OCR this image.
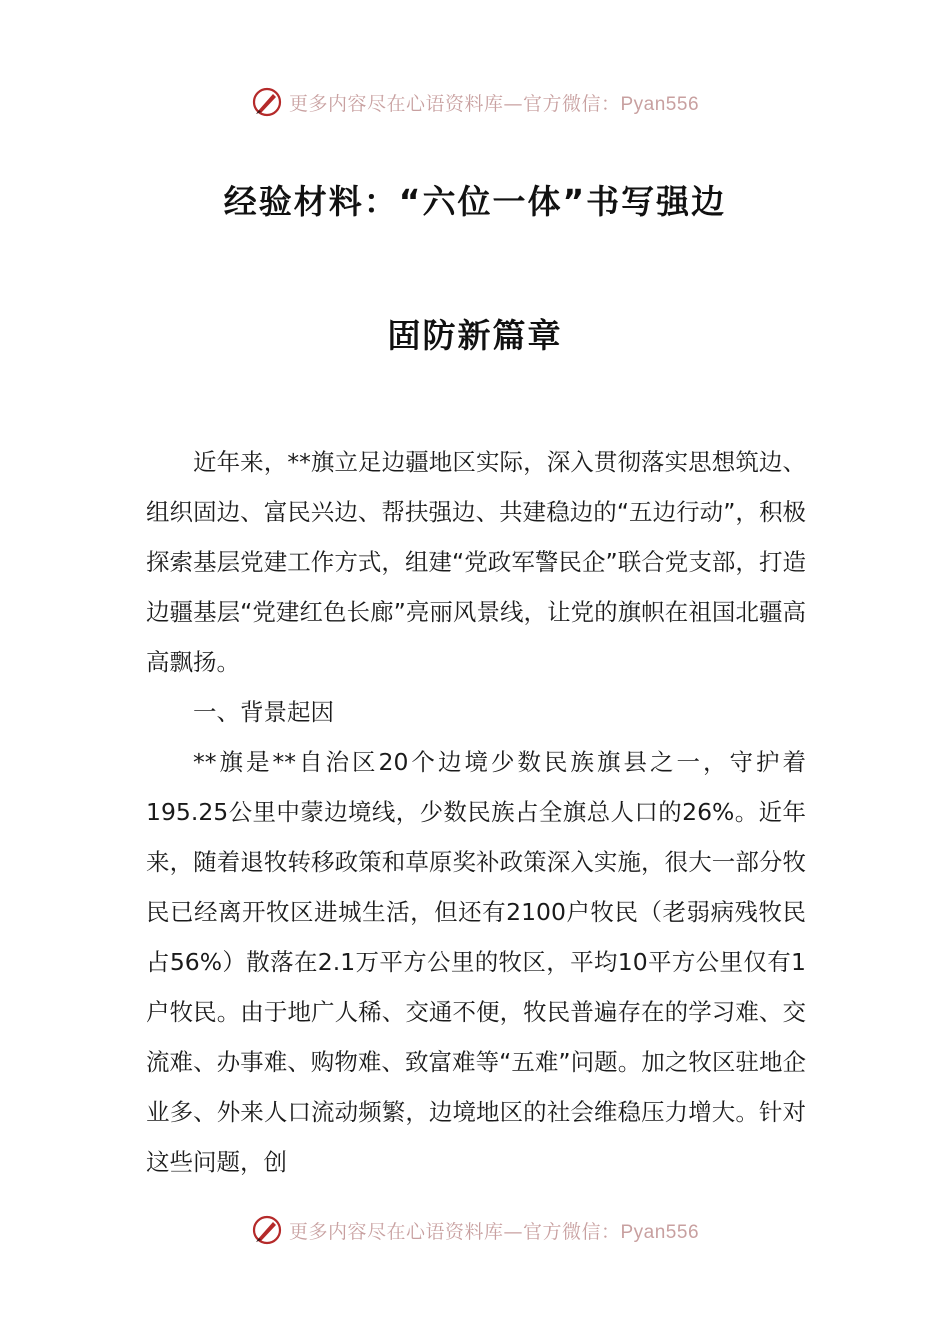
更多内容尽在心语资料库—官方微信：Pyan556
经验材料：“六位一体”书写强边
固防新篇章

近年来，**旗立足边疆地区实际，深入贯彻落实思想筑边、组织固边、富民兴边、帮扶强边、共建稳边的“五边行动”，积极探索基层党建工作方式，组建“党政军警民企”联合党支部，打造边疆基层“党建红色长廊”亮丽风景线，让党的旗帜在祖国北疆高高飘扬。

一、背景起因

**旗是**自治区20个边境少数民族旗县之一，守护着195.25公里中蒙边境线，少数民族占全旗总人口的26%。近年来，随着退牧转移政策和草原奖补政策深入实施，很大一部分牧民已经离开牧区进城生活，但还有2100户牧民（老弱病残牧民占56%）散落在2.1万平方公里的牧区，平均10平方公里仅有1户牧民。由于地广人稀、交通不便，牧民普遍存在的学习难、交流难、办事难、购物难、致富难等“五难”问题。加之牧区驻地企业多、外来人口流动频繁，边境地区的社会维稳压力增大。针对这些问题，创

更多内容尽在心语资料库—官方微信：Pyan556
